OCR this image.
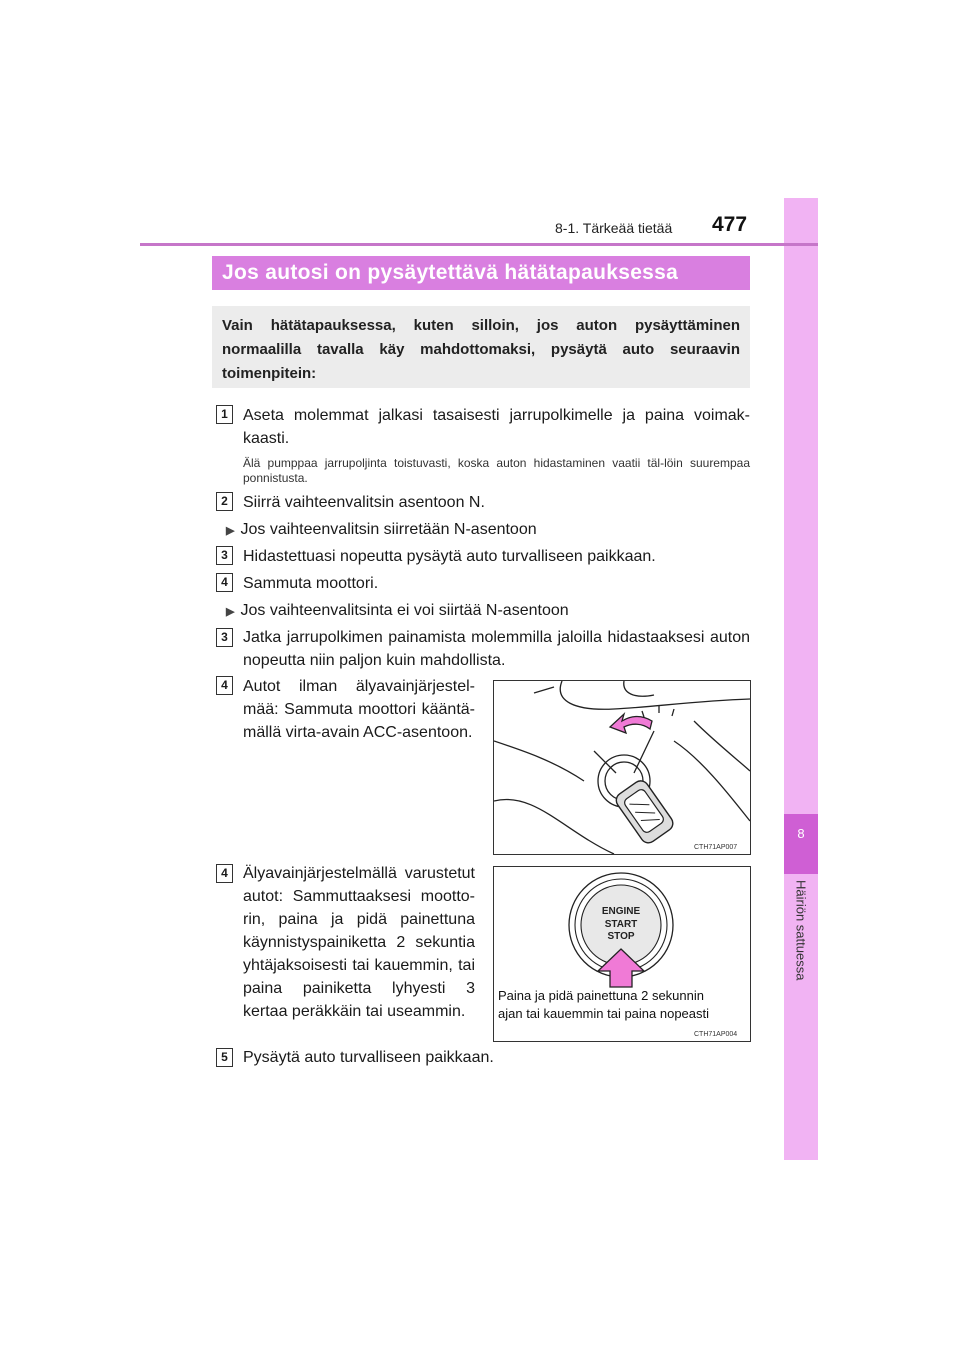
8
Häiriön sattuessa
8-1. Tärkeää tietää	477
Jos autosi on pysäytettävä hätätapauksessa
Vain hätätapauksessa, kuten silloin, jos auton pysäyttäminen normaalilla tavalla käy mahdottomaksi, pysäytä auto seuraavin toimenpitein:
1 Aseta molemmat jalkasi tasaisesti jarrupolkimelle ja paina voimak-kaasti.
Älä pumppaa jarrupoljinta toistuvasti, koska auton hidastaminen vaatii täl-löin suurempaa ponnistusta.
2 Siirrä vaihteenvalitsin asentoon N.
▶ Jos vaihteenvalitsin siirretään N-asentoon
3 Hidastettuasi nopeutta pysäytä auto turvalliseen paikkaan.
4 Sammuta moottori.
▶ Jos vaihteenvalitsinta ei voi siirtää N-asentoon
3 Jatka jarrupolkimen painamista molemmilla jaloilla hidastaaksesi auton nopeutta niin paljon kuin mahdollista.
4 Autot ilman älyavainjärjestel-mää: Sammuta moottori kääntä-mällä virta-avain ACC-asentoon.
CTH71AP007
4 Älyavainjärjestelmällä varustetut autot: Sammuttaaksesi mootto-rin, paina ja pidä painettuna käynnistyspainiketta 2 sekuntia yhtäjaksoisesti tai kauemmin, tai paina painiketta lyhyesti 3 kertaa peräkkäin tai useammin.
ENGINE
START
STOP
Paina ja pidä painettuna 2 sekunnin
ajan tai kauemmin tai paina nopeasti
CTH71AP004
5 Pysäytä auto turvalliseen paikkaan.
